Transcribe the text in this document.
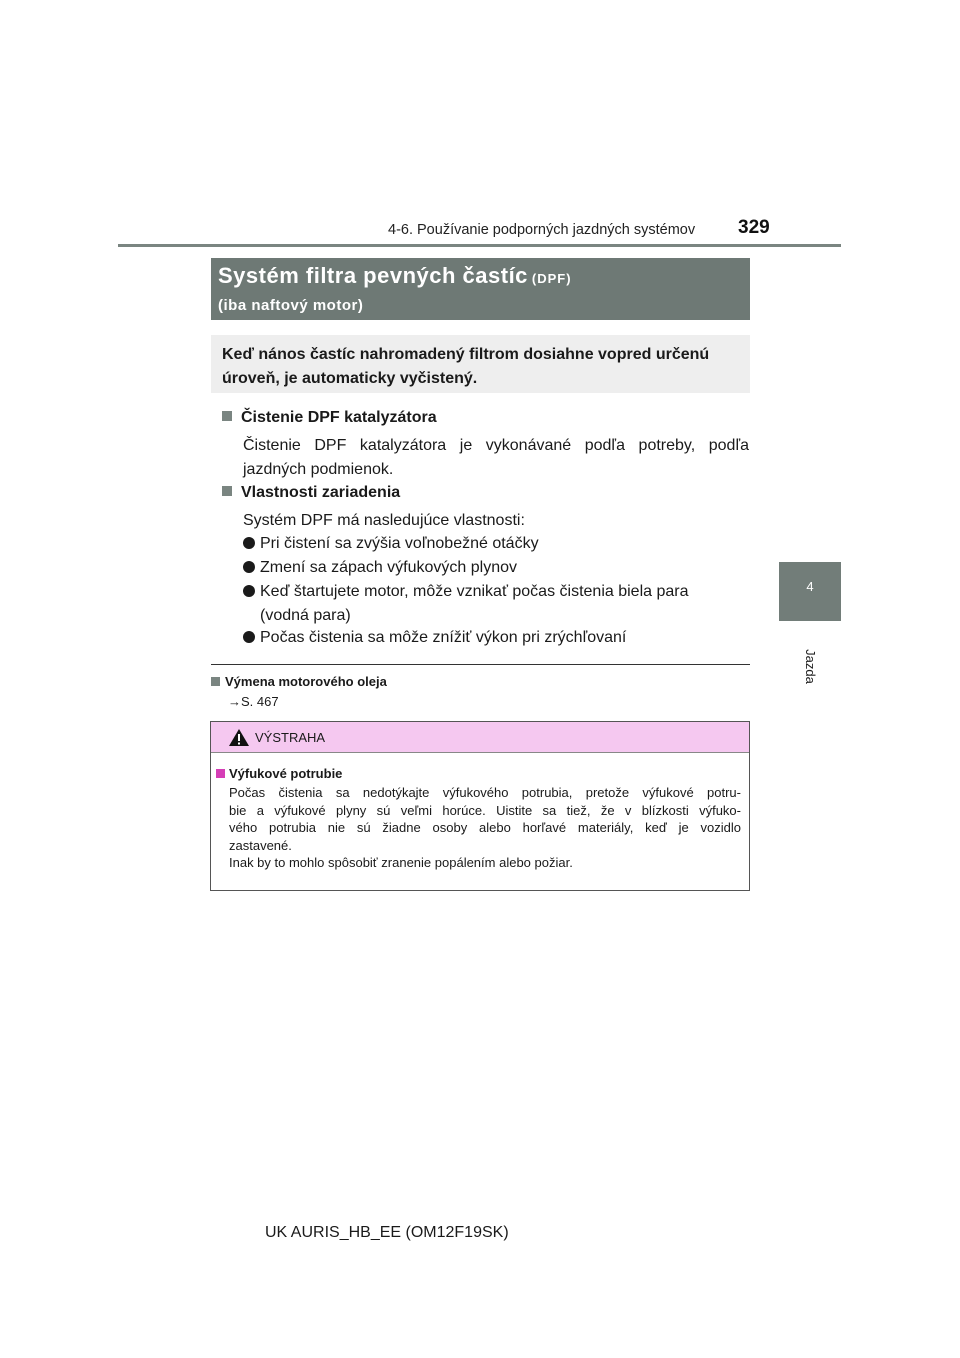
4-6. Používanie podporných jazdných systémov 329
4
Jazda
Systém filtra pevných častíc (DPF)
(iba naftový motor)
Keď nános častíc nahromadený filtrom dosiahne vopred určenú
úroveň, je automaticky vyčistený.
Čistenie DPF katalyzátora
Čistenie DPF katalyzátora je vykonávané podľa potreby, podľa
jazdných podmienok.
Vlastnosti zariadenia
Systém DPF má nasledujúce vlastnosti:
Pri čistení sa zvýšia voľnobežné otáčky
Zmení sa zápach výfukových plynov
Keď štartujete motor, môže vznikať počas čistenia biela para
(vodná para)
Počas čistenia sa môže znížiť výkon pri zrýchľovaní
Výmena motorového oleja
→S. 467
VÝSTRAHA
Výfukové potrubie
Počas čistenia sa nedotýkajte výfukového potrubia, pretože výfukové potru-
bie a výfukové plyny sú veľmi horúce. Uistite sa tiež, že v blízkosti výfuko-
vého potrubia nie sú žiadne osoby alebo horľavé materiály, keď je vozidlo
zastavené.
Inak by to mohlo spôsobiť zranenie popálením alebo požiar.
UK AURIS_HB_EE (OM12F19SK)
